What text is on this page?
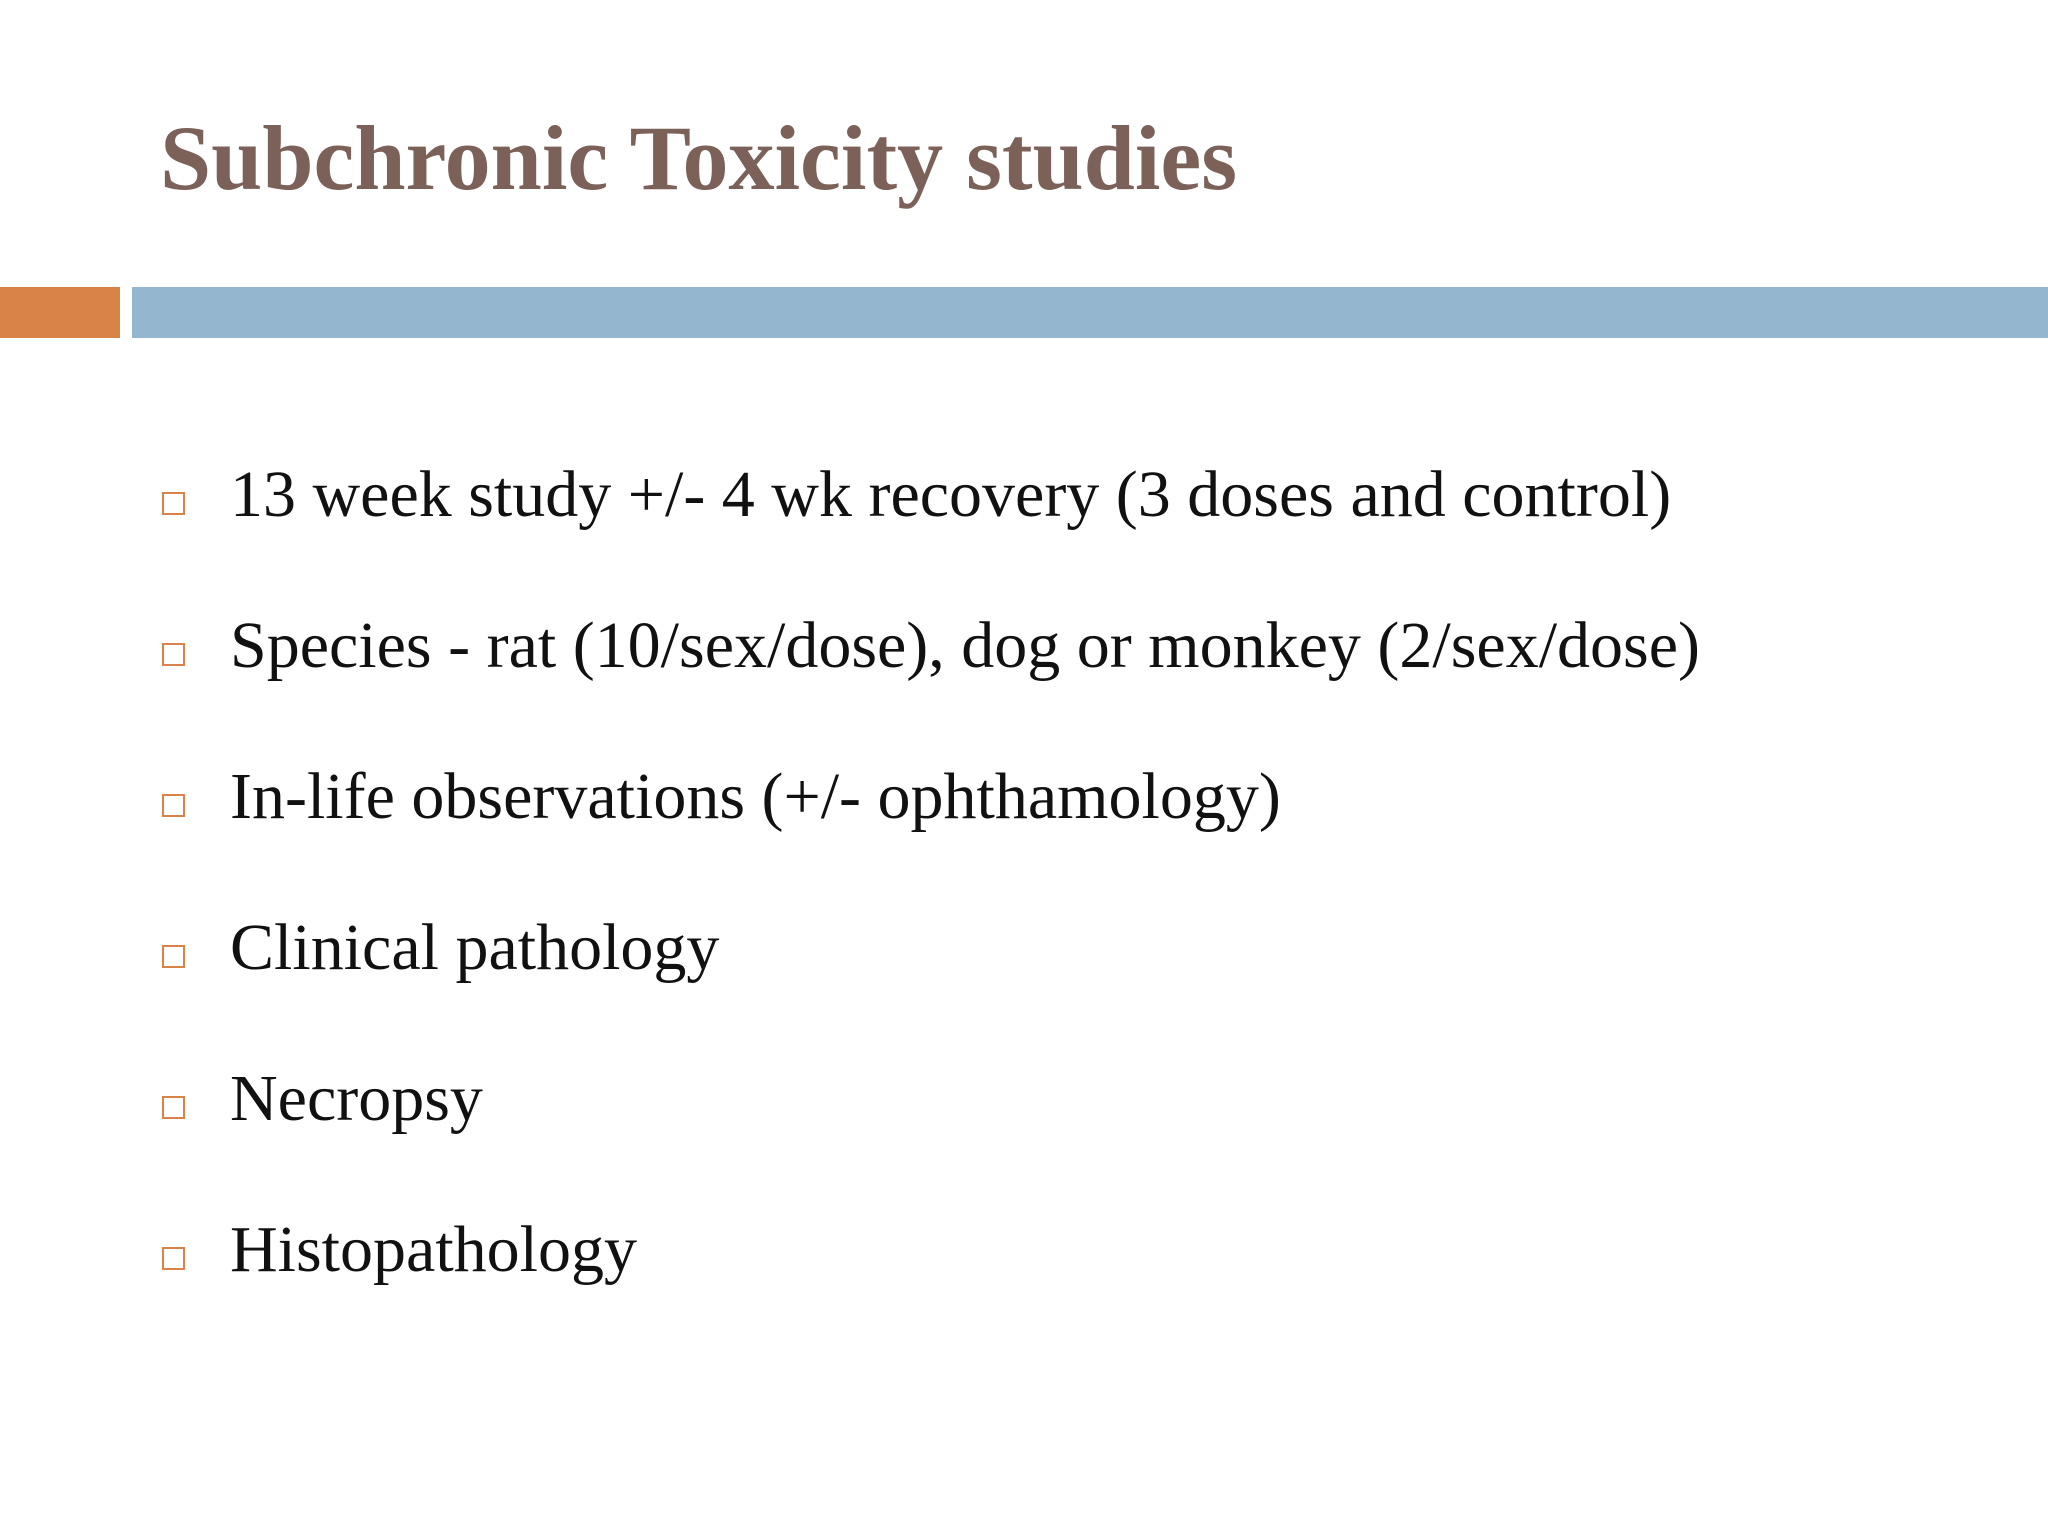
Subchronic Toxicity studies
13 week study +/- 4 wk recovery (3 doses and control)
Species - rat (10/sex/dose), dog or monkey (2/sex/dose)
In-life observations (+/- ophthamology)
Clinical pathology
Necropsy
Histopathology
